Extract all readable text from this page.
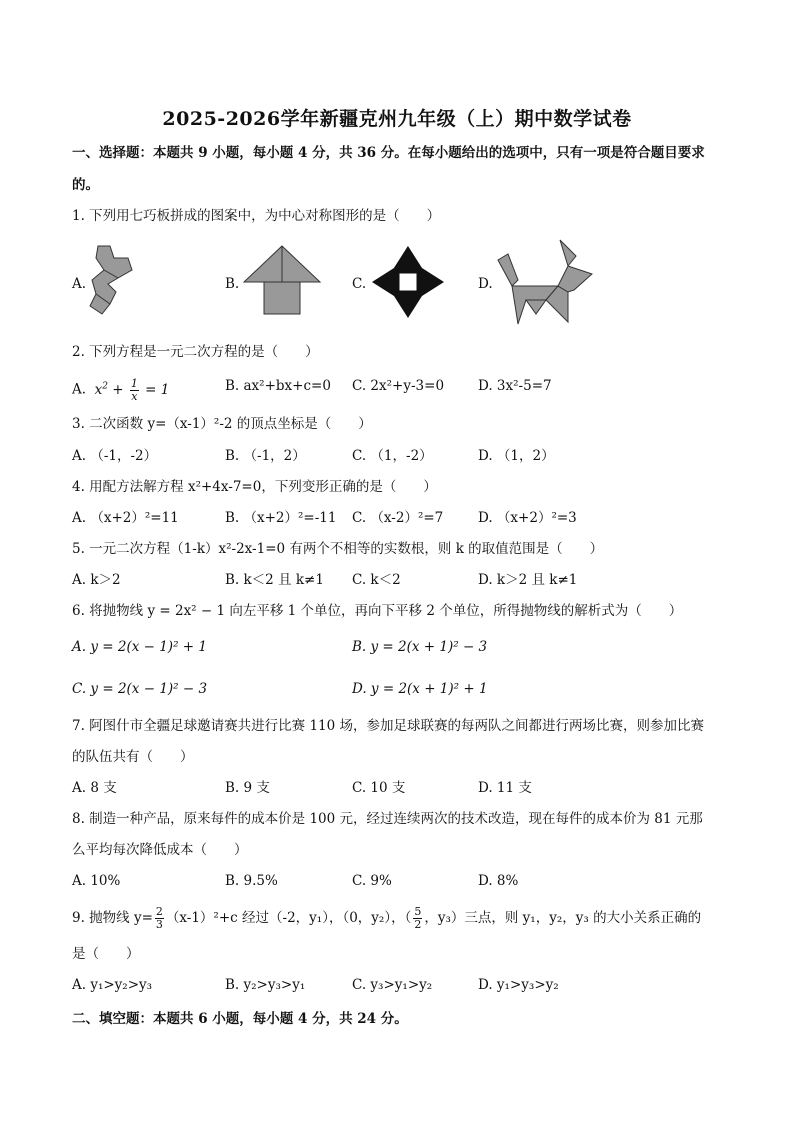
2025-2026学年新疆克州九年级（上）期中数学试卷
一、选择题：本题共 9 小题，每小题 4 分，共 36 分。在每小题给出的选项中，只有一项是符合题目要求
的。
1. 下列用七巧板拼成的图案中，为中心对称图形的是（　　）
A.	B.	C.	D.
2. 下列方程是一元二次方程的是（　　）
A.  $x^2 + \frac{1}{x} = 1$	B. ax²+bx+c=0 C. 2x²+y-3=0	D. 3x²-5=7
3. 二次函数 y=（x-1）²-2 的顶点坐标是（　　）
A. （-1，-2）	B. （-1，2）	C. （1，-2）	D. （1，2）
4. 用配方法解方程 x²+4x-7=0，下列变形正确的是（　　）
A. （x+2）²=11	B. （x+2）²=-11 C. （x-2）²=7	D. （x+2）²=3
5. 一元二次方程（1-k）x²-2x-1=0 有两个不相等的实数根，则 k 的取值范围是（　　）
A. k＞2	B. k＜2 且 k≠1 C. k＜2	D. k＞2 且 k≠1
6. 将抛物线 y = 2x² − 1 向左平移 1 个单位，再向下平移 2 个单位，所得抛物线的解析式为（　　）
A. y = 2(x − 1)² + 1	B. y = 2(x + 1)² − 3
C. y = 2(x − 1)² − 3	D. y = 2(x + 1)² + 1
7. 阿图什市全疆足球邀请赛共进行比赛 110 场，参加足球联赛的每两队之间都进行两场比赛，则参加比赛
的队伍共有（　　）
A. 8 支	B. 9 支	C. 10 支	D. 11 支
8. 制造一种产品，原来每件的成本价是 100 元，经过连续两次的技术改造，现在每件的成本价为 81 元那
么平均每次降低成本（　　）
A. 10%	B. 9.5%	C. 9%	D. 8%
9. 抛物线 $y= \frac{2}{3} (x-1)^2+c$ 经过（-2，y₁），（0，y₂），（ $\frac{5}{2}$ ，y₃）三点，则 y₁，y₂，y₃ 的大小关系正确的
是（　　）
A. y₁>y₂>y₃	B. y₂>y₃>y₁	C. y₃>y₁>y₂	D. y₁>y₃>y₂
二、填空题：本题共 6 小题，每小题 4 分，共 24 分。
